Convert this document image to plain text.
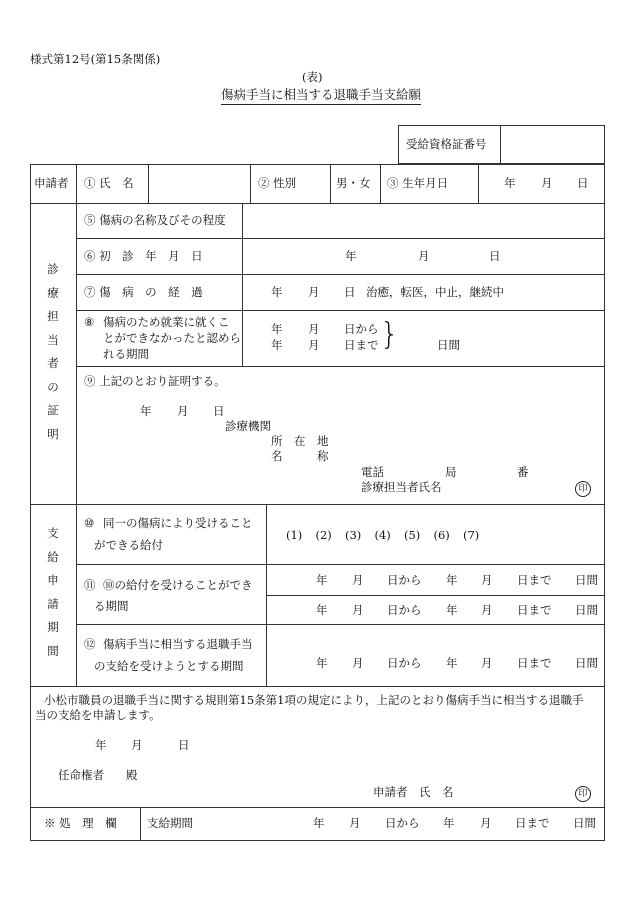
様式第12号(第15条関係)
(表)
傷病手当に相当する退職手当支給願
受給資格証番号
申請者 ① 氏　名	② 性別	男・女 ③ 生年月日	年 月 日
診
療
担
当
者
の
証
明
⑤ 傷病の名称及びその程度
⑥ 初　診　年　月　日	年	月	日
⑦ 傷　病　の　経　過	年 月 日 治癒，転医，中止，継続中
⑧ 傷病のため就業に就くこ
とができなかったと認めら
れる期間
年 月 日から
年 月 日まで }	日間
⑨ 上記のとおり証明する。
年 月 日
診療機関
所　在　地
名　　　称
電話	局	番
診療担当者氏名	印
支
給
申
請
期
間
⑩ 同一の傷病により受けること
ができる給付
(1) (2) (3) (4) (5) (6) (7)
⑪ ⑩の給付を受けることができ
る期間
年 月 日から 年 月 日まで 日間
年 月 日から 年 月 日まで 日間
⑫ 傷病手当に相当する退職手当
の支給を受けようとする期間	年 月 日から 年 月 日まで 日間
小松市職員の退職手当に関する規則第15条第1項の規定により，上記のとおり傷病手当に相当する退職手
当の支給を申請します。
年 月	日
任命権者 殿
申請者　氏　名	印
※ 処　理　欄	支給期間	年 月 日から 年 月 日まで 日間
